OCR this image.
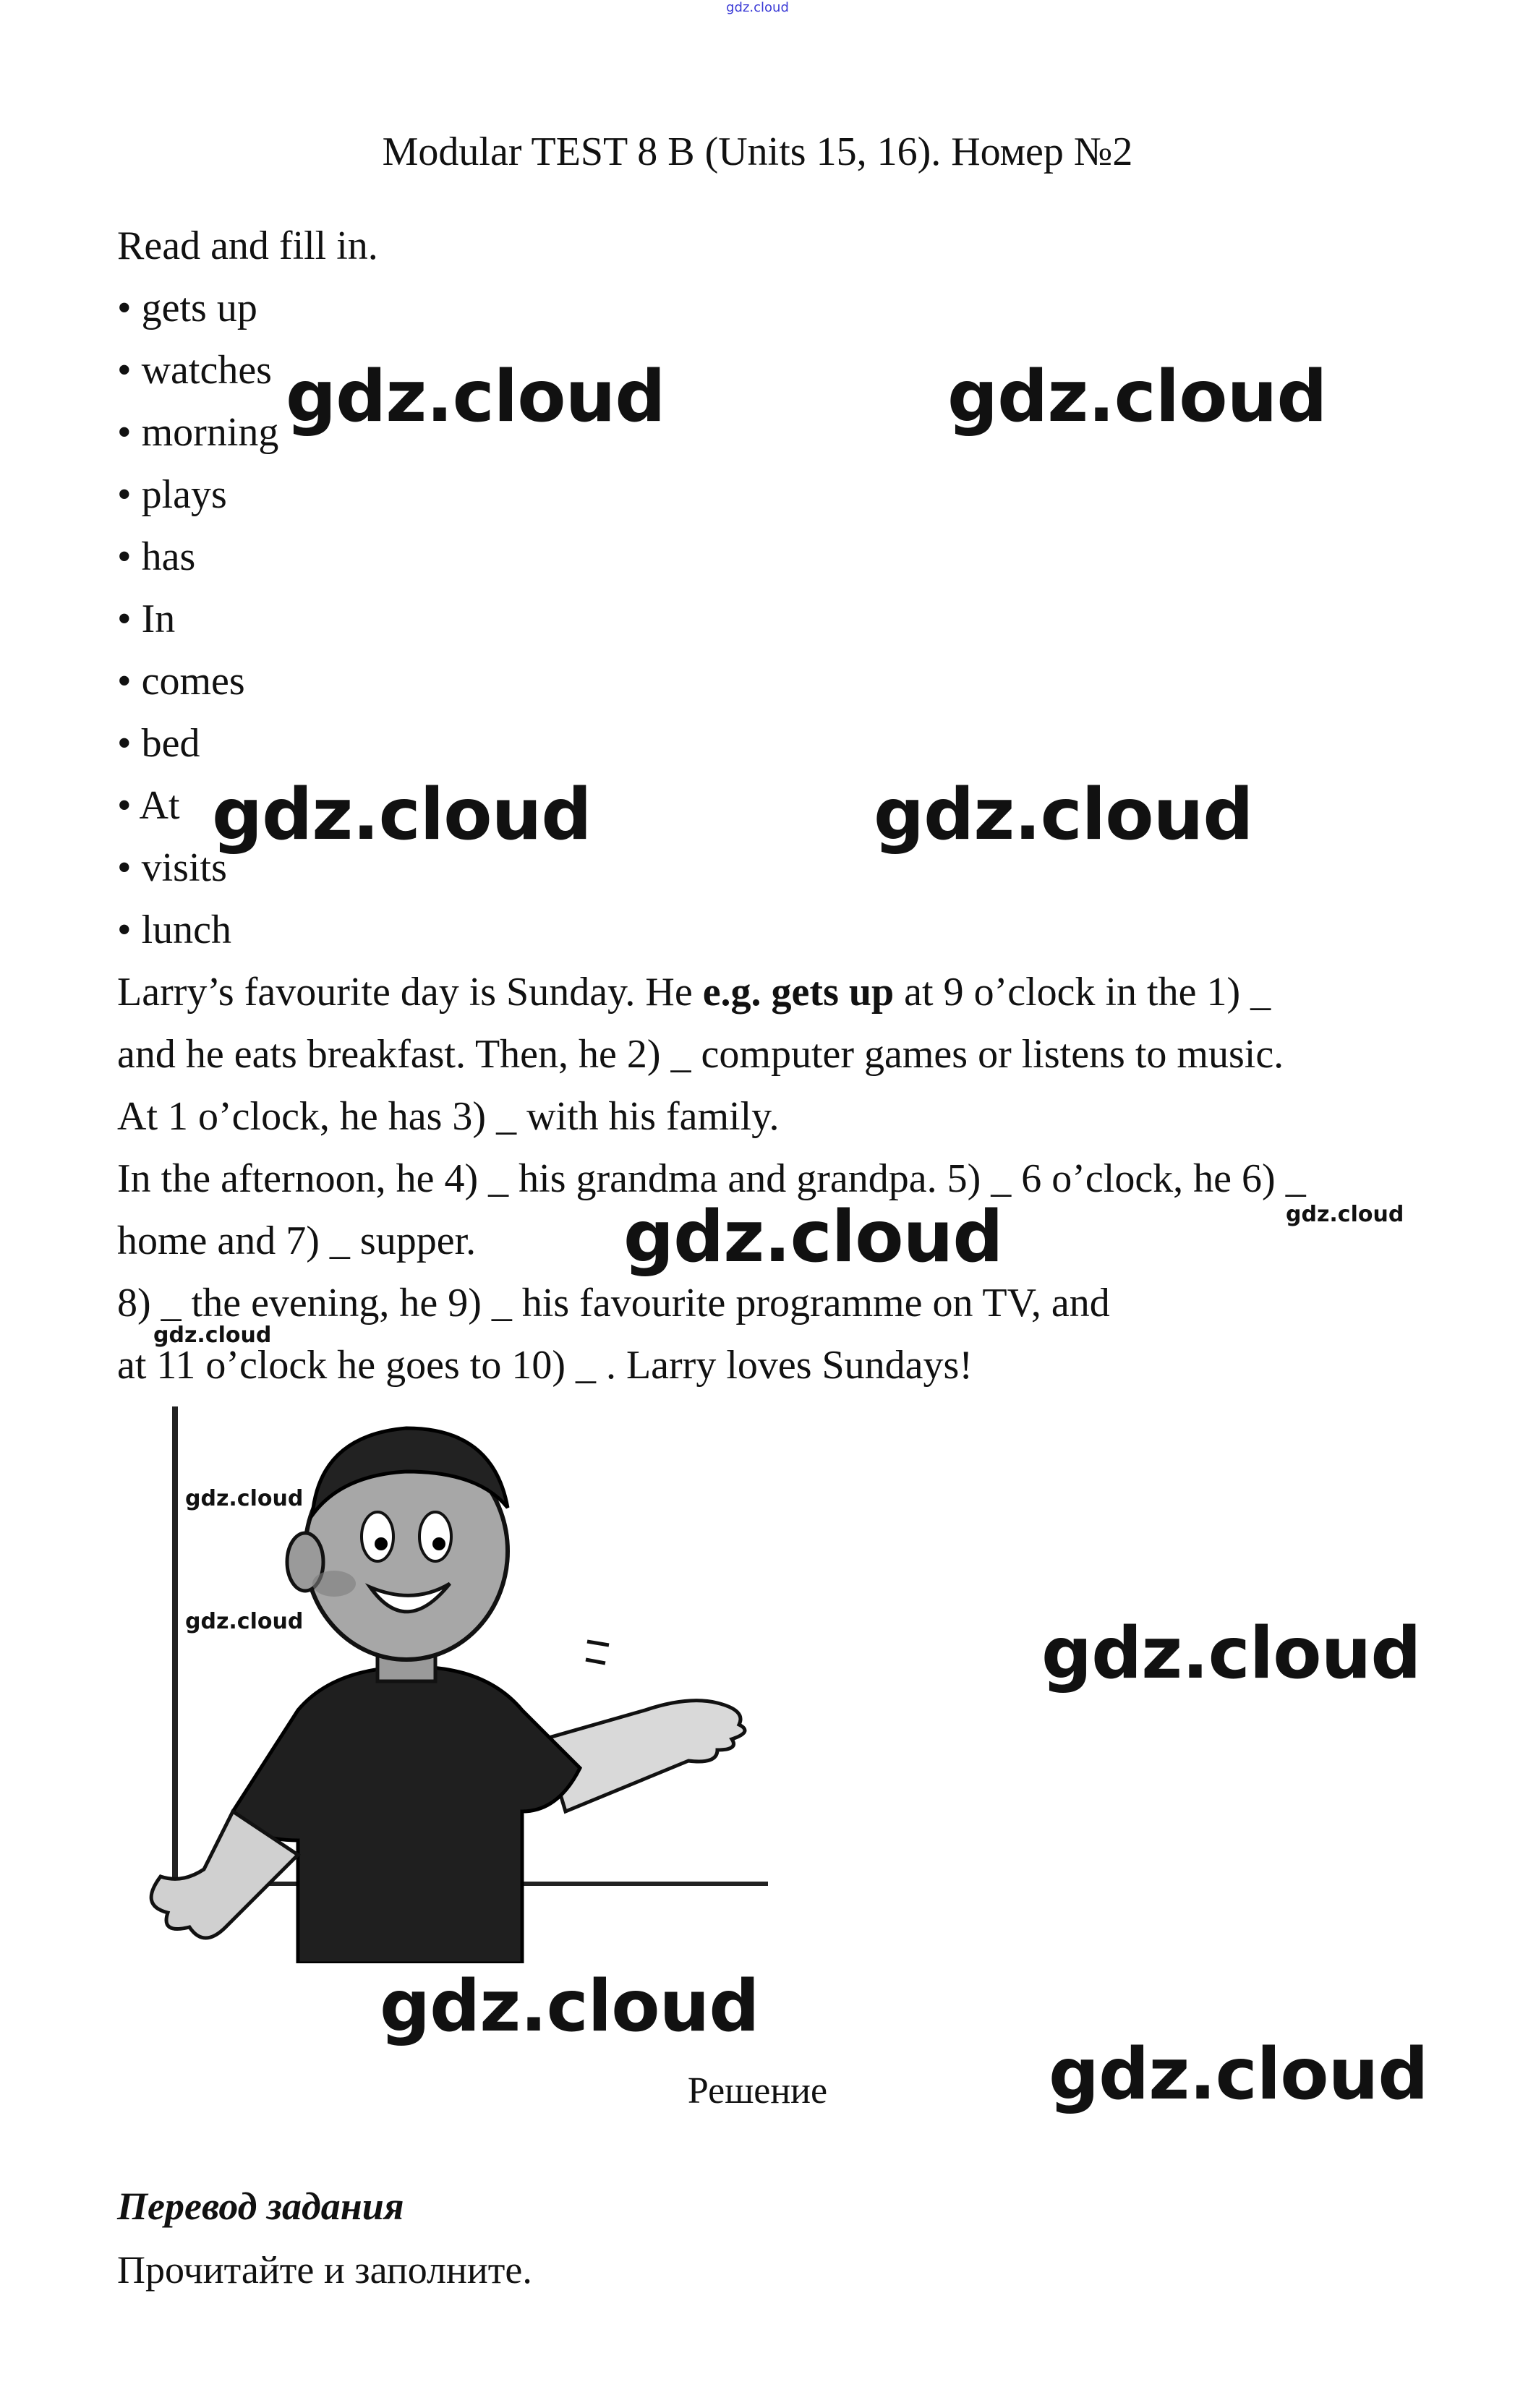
gdz.cloud
Modular TEST 8 B (Units 15, 16). Номер №2
Read and fill in.
• gets up
• watches
• morning
• plays
• has
• In
• comes
• bed
• At
• visits
• lunch
Larry’s favourite day is Sunday. He e.g. gets up at 9 o’clock in the 1) _
and he eats breakfast. Then, he 2) _ computer games or listens to music.
At 1 o’clock, he has 3) _ with his family.
In the afternoon, he 4) _ his grandma and grandpa. 5) _ 6 o’clock, he 6) _
home and 7) _ supper.
8) _ the evening, he 9) _ his favourite programme on TV, and
at 11 o’clock he goes to 10) _ . Larry loves Sundays!
gdz.cloud	gdz.cloud
gdz.cloud	gdz.cloud
gdz.cloud	gdz.cloud
gdz.cloud
gdz.cloud
gdz.cloud	gdz.cloud
gdz.cloud
gdz.cloud
Решение
Перевод задания
Прочитайте и заполните.
